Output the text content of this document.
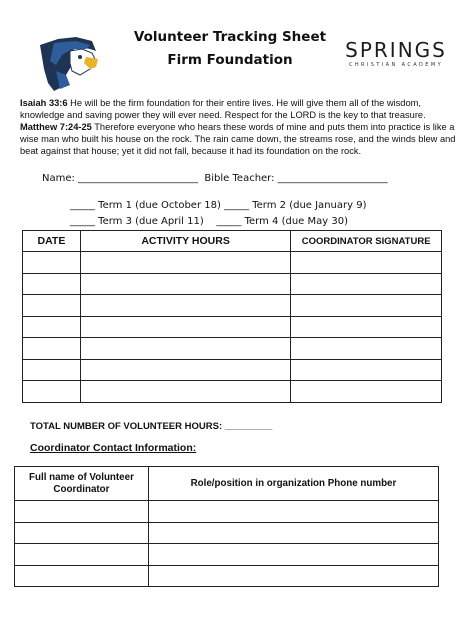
Volunteer Tracking Sheet
Firm Foundation	SPRINGS
CHRISTIAN ACADEMY
Isaiah 33:6 He will be the firm foundation for their entire lives. He will give them all of the wisdom, knowledge and saving power they will ever need. Respect for the LORD is the key to that treasure.
Matthew 7:24-25 Therefore everyone who hears these words of mine and puts them into practice is like a wise man who built his house on the rock. The rain came down, the streams rose, and the winds blew and beat against that house; yet it did not fall, because it had its foundation on the rock.
Name: ________________________  Bible Teacher: ______________________
_____ Term 1 (due October 18) _____ Term 2 (due January 9)
_____ Term 3 (due April 11)    _____ Term 4 (due May 30)
DATE	ACTIVITY HOURS	COORDINATOR SIGNATURE

TOTAL NUMBER OF VOLUNTEER HOURS: _________
Coordinator Contact Information:
Full name of Volunteer Coordinator	Role/position in organization Phone number
